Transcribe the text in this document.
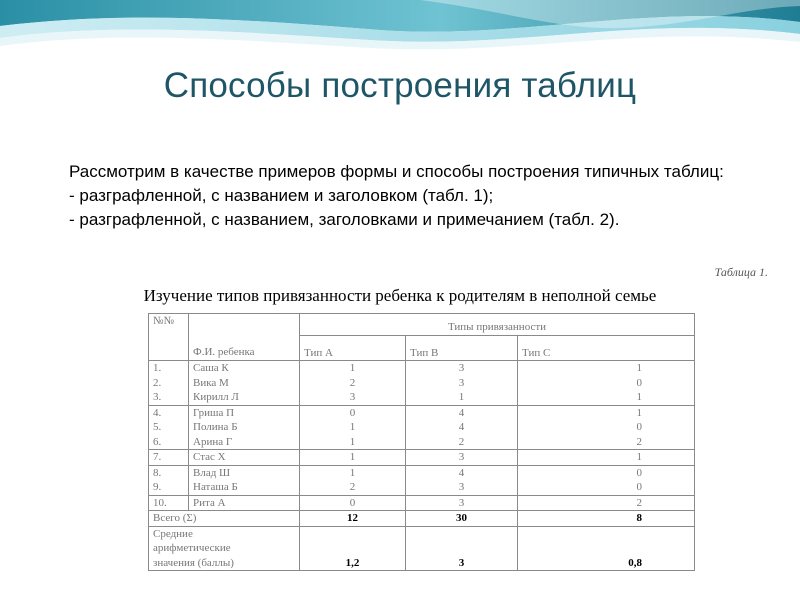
Способы построения таблиц

Рассмотрим в качестве примеров формы и способы построения типичных таблиц:

- разграфленной, с названием и заголовком (табл. 1);

- разграфленной, с названием, заголовками и примечанием (табл. 2).

Таблица 1.
Изучение типов привязанности ребенка к родителям в неполной семье
№№		Типы привязанности		
	Ф.И. ребенка	Тип А	Тип В	Тип С
1.	Саша К	1	3	1
2.	Вика М	2	3	0
3.	Кирилл Л	3	1	1
4.	Гриша П	0	4	1
5.	Полина Б	1	4	0
6.	Арина Г	1	2	2
7.	Стас Х	1	3	1
8.	Влад Ш	1	4	0
9.	Наташа Б	2	3	0
10.	Рита А	0	3	2
Всего (Σ)		12	30	8

Средние
арифметические
значения (баллы)		1,2	3	0,8
